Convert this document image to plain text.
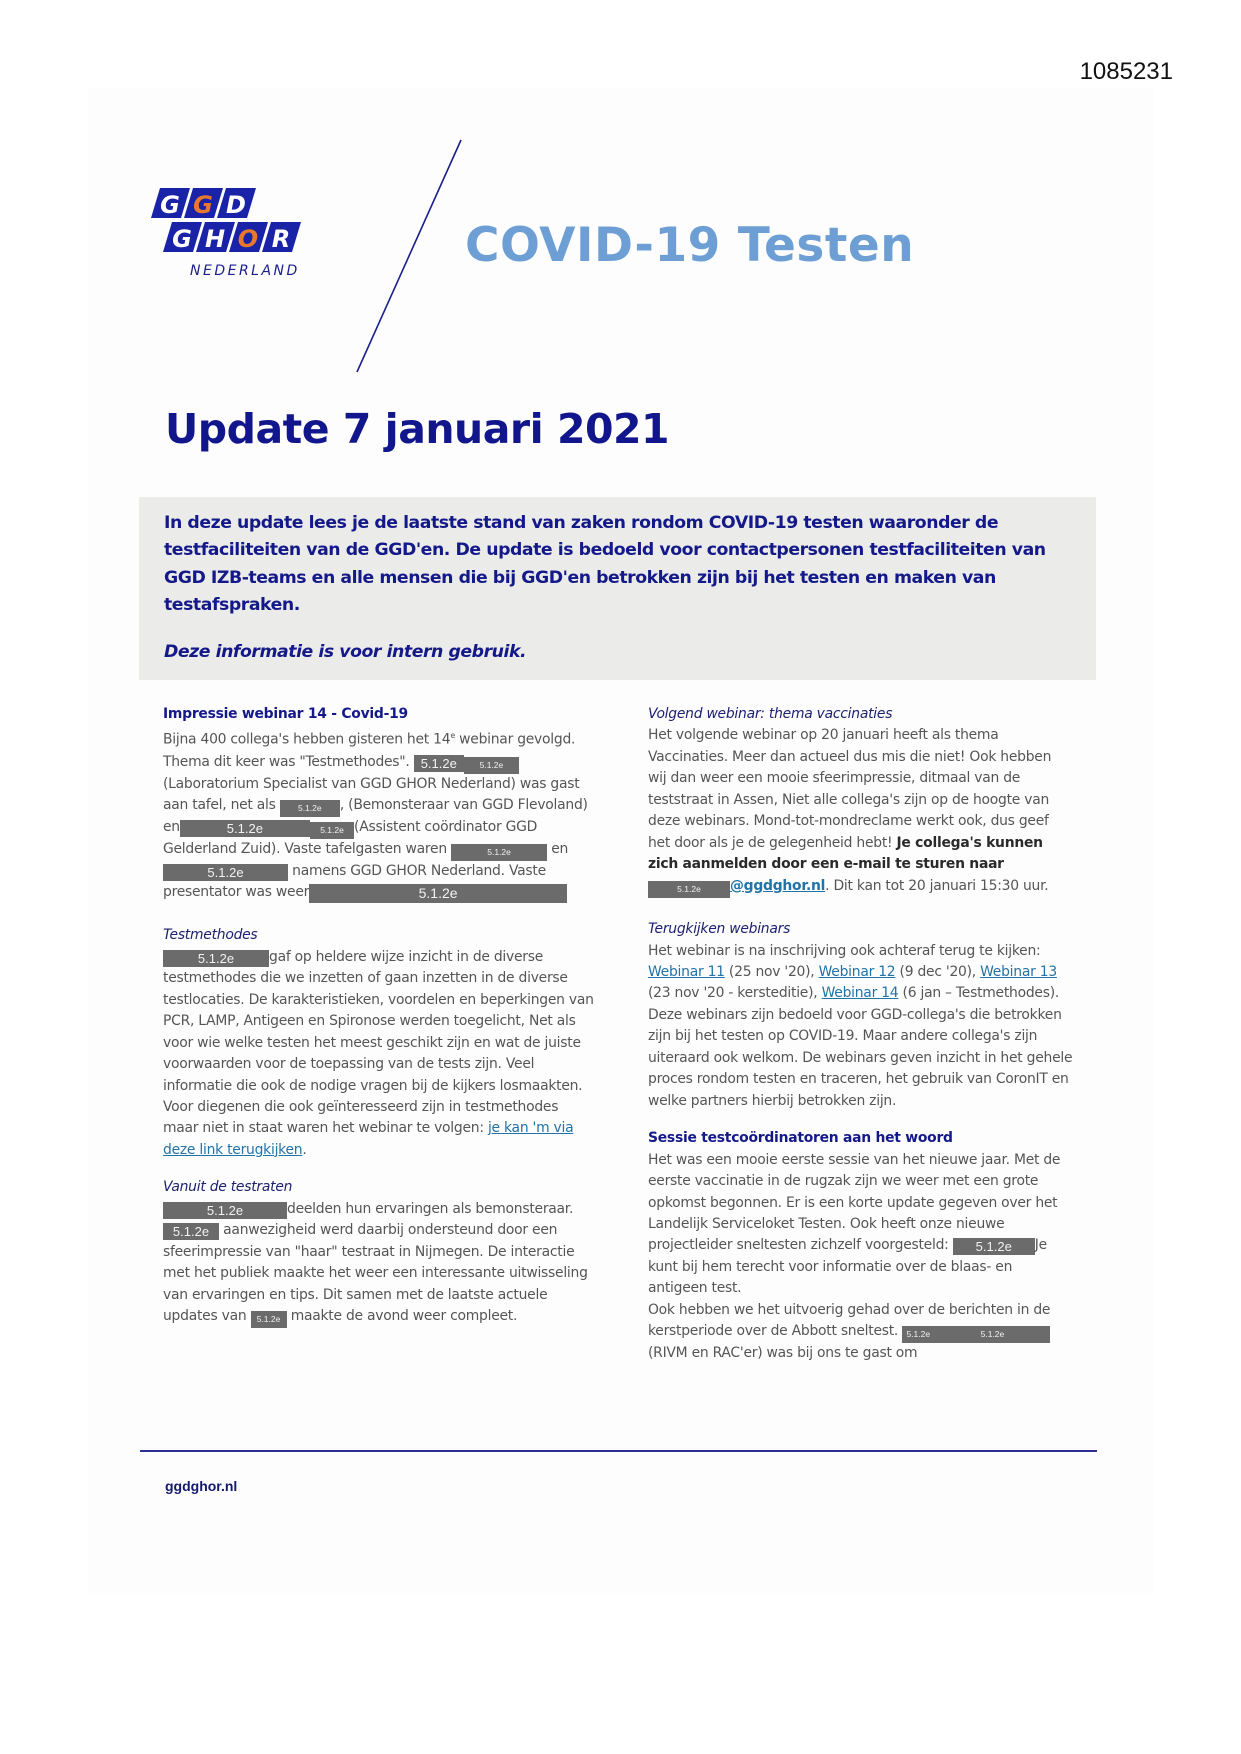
1085231
G G D
G H O R
NEDERLAND	COVID-19 Testen
Update 7 januari 2021
In deze update lees je de laatste stand van zaken rondom COVID-19 testen waaronder de testfaciliteiten van de GGD'en. De update is bedoeld voor contactpersonen testfaciliteiten van GGD IZB-teams en alle mensen die bij GGD'en betrokken zijn bij het testen en maken van testafspraken.
Deze informatie is voor intern gebruik.
Impressie webinar 14 - Covid-19
Bijna 400 collega's hebben gisteren het 14e webinar gevolgd. Thema dit keer was "Testmethodes". 5.1.2e	5.1.2e(Laboratorium Specialist van GGD GHOR Nederland) was gast aan tafel, net als 5.1.2e , (Bemonsteraar van GGD Flevoland) en	5.1.2e	5.1.2e (Assistent coördinator GGD Gelderland Zuid). Vaste tafelgasten waren	5.1.2e	en5.1.2e	namens GGD GHOR Nederland. Vaste presentator was weer	5.1.2e
Testmethodes
5.1.2e	gaf op heldere wijze inzicht in de diverse testmethodes die we inzetten of gaan inzetten in de diverse testlocaties. De karakteristieken, voordelen en beperkingen van PCR, LAMP, Antigeen en Spironose werden toegelicht, Net als voor wie welke testen het meest geschikt zijn en wat de juiste voorwaarden voor de toepassing van de tests zijn. Veel informatie die ook de nodige vragen bij de kijkers losmaakten. Voor diegenen die ook geïnteresseerd zijn in testmethodes maar niet in staat waren het webinar te volgen: je kan 'm via deze link terugkijken.
Vanuit de testraten
5.1.2e	deelden hun ervaringen als bemonsteraar.5.1.2e aanwezigheid werd daarbij ondersteund door een sfeerimpressie van "haar" testraat in Nijmegen. De interactie met het publiek maakte het weer een interessante uitwisseling van ervaringen en tips. Dit samen met de laatste actuele updates van 5.1.2e maakte de avond weer compleet.
Volgend webinar: thema vaccinaties
Het volgende webinar op 20 januari heeft als thema Vaccinaties. Meer dan actueel dus mis die niet! Ook hebben wij dan weer een mooie sfeerimpressie, ditmaal van de teststraat in Assen, Niet alle collega's zijn op de hoogte van deze webinars. Mond-tot-mondreclame werkt ook, dus geef het door als je de gelegenheid hebt! Je collega's kunnen zich aanmelden door een e-mail te sturen naar 5.1.2e @ggdghor.nl. Dit kan tot 20 januari 15:30 uur.
Terugkijken webinars
Het webinar is na inschrijving ook achteraf terug te kijken: Webinar 11 (25 nov '20), Webinar 12 (9 dec '20), Webinar 13 (23 nov '20 - kersteditie), Webinar 14 (6 jan – Testmethodes).
Deze webinars zijn bedoeld voor GGD-collega's die betrokken zijn bij het testen op COVID-19. Maar andere collega's zijn uiteraard ook welkom. De webinars geven inzicht in het gehele proces rondom testen en traceren, het gebruik van CoronIT en welke partners hierbij betrokken zijn.
Sessie testcoördinatoren aan het woord
Het was een mooie eerste sessie van het nieuwe jaar. Met de eerste vaccinatie in de rugzak zijn we weer met een grote opkomst begonnen. Er is een korte update gegeven over het Landelijk Serviceloket Testen. Ook heeft onze nieuwe projectleider sneltesten zichzelf voorgesteld: 5.1.2e Je kunt bij hem terecht voor informatie over de blaas- en antigeen test.
Ook hebben we het uitvoerig gehad over de berichten in de kerstperiode over de Abbott sneltest. 5.1.2e	5.1.2e (RIVM en RAC'er) was bij ons te gast om
ggdghor.nl
